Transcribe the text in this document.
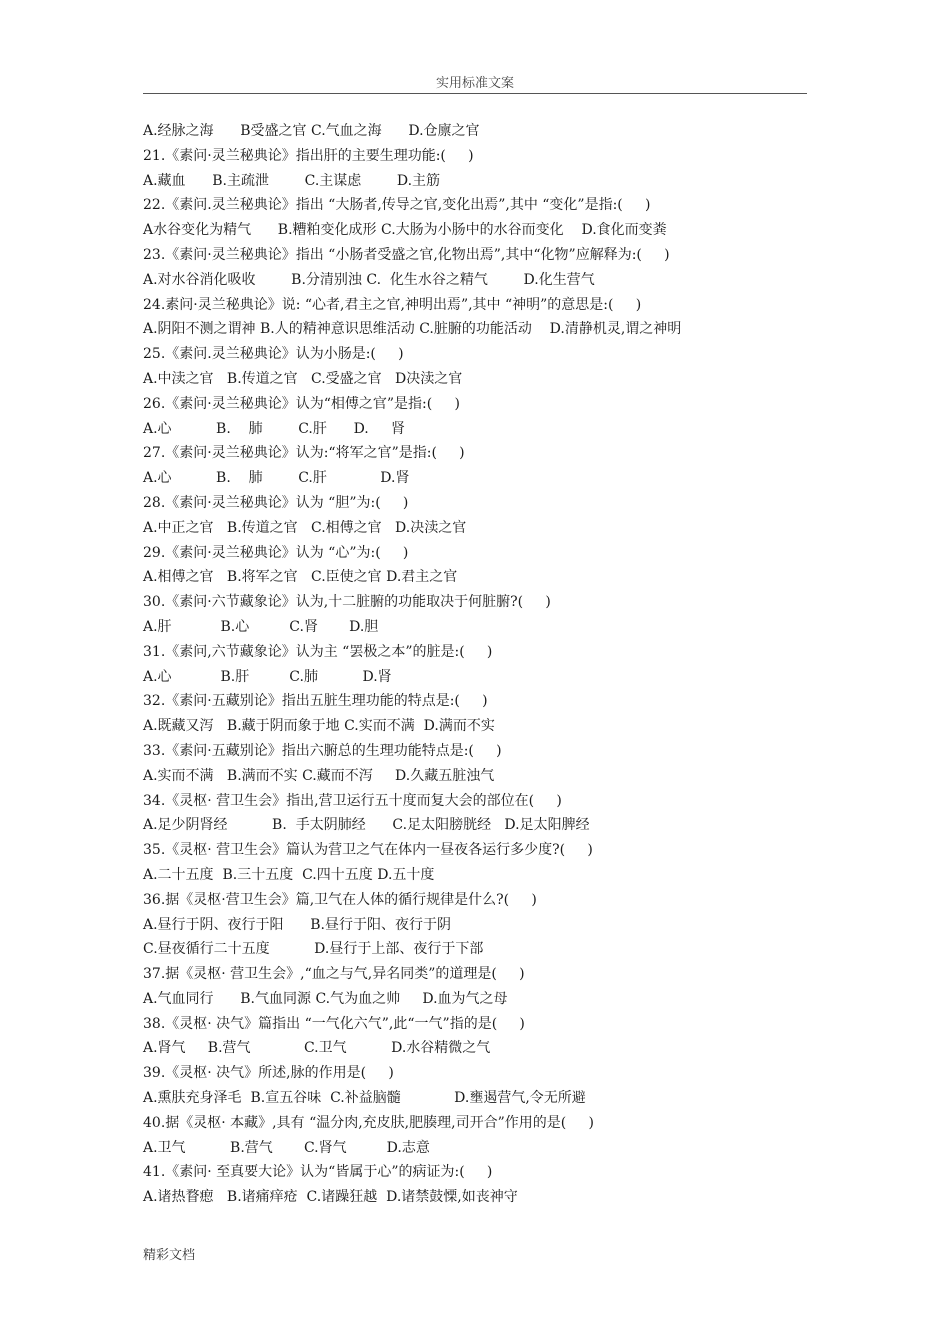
实用标准文案
A.经脉之海      B受盛之官 C.气血之海      D.仓廪之官
21.《素问·灵兰秘典论》指出肝的主要生理功能:(     )
A.藏血      B.主疏泄        C.主谋虑        D.主筋
22.《素问.灵兰秘典论》指出 “大肠者,传导之官,变化出焉”,其中 “变化”是指:(     )
A水谷变化为精气      B.糟粕变化成形 C.大肠为小肠中的水谷而变化    D.食化而变粪
23.《素问·灵兰秘典论》指出 “小肠者受盛之官,化物出焉”,其中“化物”应解释为:(     )
A.对水谷消化吸收        B.分清别浊 C.  化生水谷之精气        D.化生营气
24.素问·灵兰秘典论》说: “心者,君主之官,神明出焉”,其中 “神明”的意思是:(     )
A.阴阳不测之谓神 B.人的精神意识思维活动 C.脏腑的功能活动    D.清静机灵,谓之神明
25.《素问.灵兰秘典论》认为小肠是:(     )
A.中渎之官   B.传道之官   C.受盛之官   D决渎之官
26.《素问·灵兰秘典论》认为“相傅之官”是指:(     )
A.心          B.    肺        C.肝      D.     肾
27.《素问·灵兰秘典论》认为:“将军之官”是指:(     )
A.心          B.    肺        C.肝            D.肾
28.《素问·灵兰秘典论》认为 “胆”为:(     )
A.中正之官   B.传道之官   C.相傅之官   D.决渎之官
29.《素问·灵兰秘典论》认为 “心”为:(     )
A.相傅之官   B.将军之官   C.臣使之官 D.君主之官
30.《素问·六节藏象论》认为,十二脏腑的功能取决于何脏腑?(     )
A.肝           B.心         C.肾       D.胆
31.《素问,六节藏象论》认为主 “罢极之本”的脏是:(     )
A.心           B.肝         C.肺          D.肾
32.《素问·五藏别论》指出五脏生理功能的特点是:(     )
A.既藏又泻   B.藏于阴而象于地 C.实而不满  D.满而不实
33.《素问·五藏别论》指出六腑总的生理功能特点是:(     )
A.实而不满   B.满而不实 C.藏而不泻     D.久藏五脏浊气
34.《灵枢· 营卫生会》指出,营卫运行五十度而复大会的部位在(     )
A.足少阴肾经          B.  手太阴肺经      C.足太阳膀胱经   D.足太阳脾经
35.《灵枢· 营卫生会》篇认为营卫之气在体内一昼夜各运行多少度?(     )
A.二十五度  B.三十五度  C.四十五度 D.五十度
36.据《灵枢·营卫生会》篇,卫气在人体的循行规律是什么?(     )
A.昼行于阴、夜行于阳      B.昼行于阳、夜行于阴
C.昼夜循行二十五度          D.昼行于上部、夜行于下部
37.据《灵枢· 营卫生会》,“血之与气,异名同类”的道理是(     )
A.气血同行      B.气血同源 C.气为血之帅     D.血为气之母
38.《灵枢· 决气》篇指出 “一气化六气”,此“一气”指的是(     )
A.肾气     B.营气            C.卫气          D.水谷精微之气
39.《灵枢· 决气》所述,脉的作用是(     )
A.熏肤充身泽毛  B.宣五谷味  C.补益脑髓            D.壅遏营气,令无所避
40.据《灵枢· 本藏》,具有 “温分肉,充皮肤,肥腠理,司开合”作用的是(     )
A.卫气          B.营气       C.肾气         D.志意
41.《素问· 至真要大论》认为“皆属于心”的病证为:(     )
A.诸热瞀瘛   B.诸痛痒疮  C.诸躁狂越  D.诸禁鼓慄,如丧神守
精彩文档
